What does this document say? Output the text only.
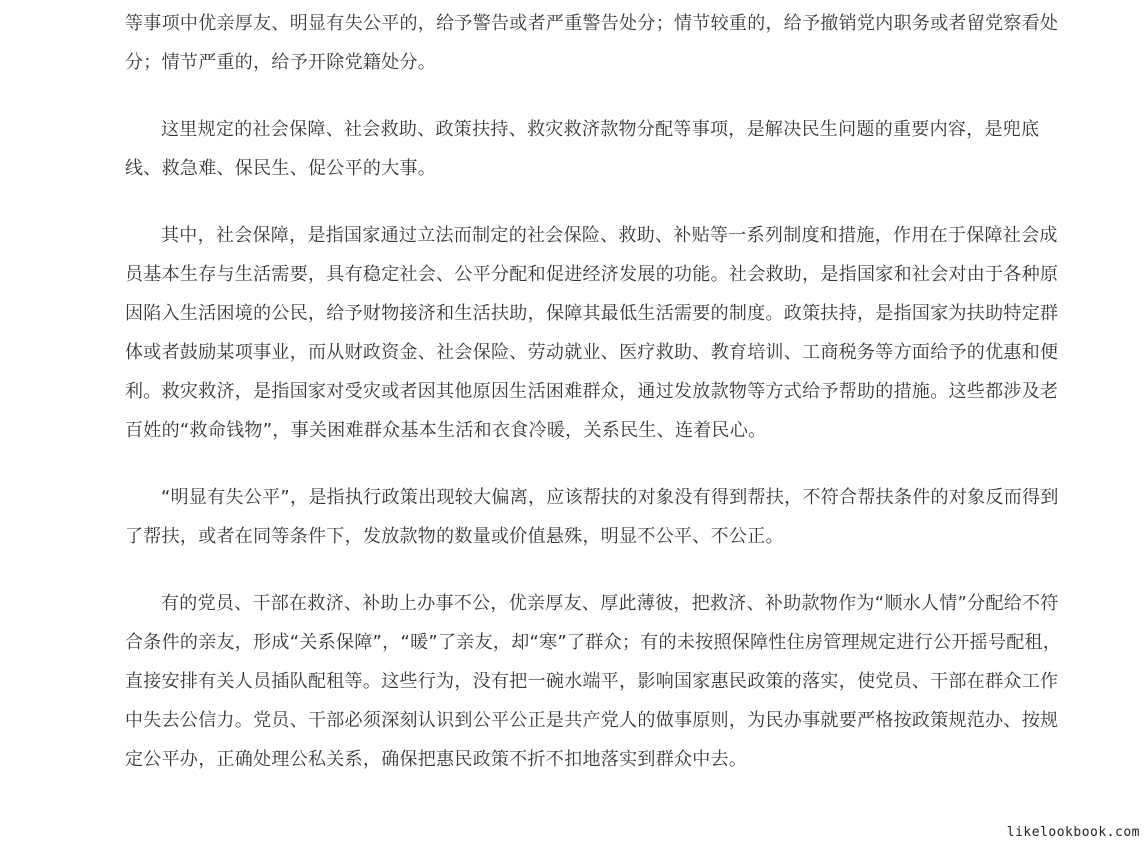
等事项中优亲厚友、明显有失公平的，给予警告或者严重警告处分；情节较重的，给予撤销党内职务或者留党察看处分；情节严重的，给予开除党籍处分。

这里规定的社会保障、社会救助、政策扶持、救灾救济款物分配等事项，是解决民生问题的重要内容，是兜底线、救急难、保民生、促公平的大事。

其中，社会保障，是指国家通过立法而制定的社会保险、救助、补贴等一系列制度和措施，作用在于保障社会成员基本生存与生活需要，具有稳定社会、公平分配和促进经济发展的功能。社会救助，是指国家和社会对由于各种原因陷入生活困境的公民，给予财物接济和生活扶助，保障其最低生活需要的制度。政策扶持，是指国家为扶助特定群体或者鼓励某项事业，而从财政资金、社会保险、劳动就业、医疗救助、教育培训、工商税务等方面给予的优惠和便利。救灾救济，是指国家对受灾或者因其他原因生活困难群众，通过发放款物等方式给予帮助的措施。这些都涉及老百姓的“救命钱物”，事关困难群众基本生活和衣食冷暖，关系民生、连着民心。

“明显有失公平”，是指执行政策出现较大偏离，应该帮扶的对象没有得到帮扶，不符合帮扶条件的对象反而得到了帮扶，或者在同等条件下，发放款物的数量或价值悬殊，明显不公平、不公正。

有的党员、干部在救济、补助上办事不公，优亲厚友、厚此薄彼，把救济、补助款物作为“顺水人情”分配给不符合条件的亲友，形成“关系保障”，“暖”了亲友，却“寒”了群众；有的未按照保障性住房管理规定进行公开摇号配租，直接安排有关人员插队配租等。这些行为，没有把一碗水端平，影响国家惠民政策的落实，使党员、干部在群众工作中失去公信力。党员、干部必须深刻认识到公平公正是共产党人的做事原则，为民办事就要严格按政策规范办、按规定公平办，正确处理公私关系，确保把惠民政策不折不扣地落实到群众中去。

likelookbook.com
